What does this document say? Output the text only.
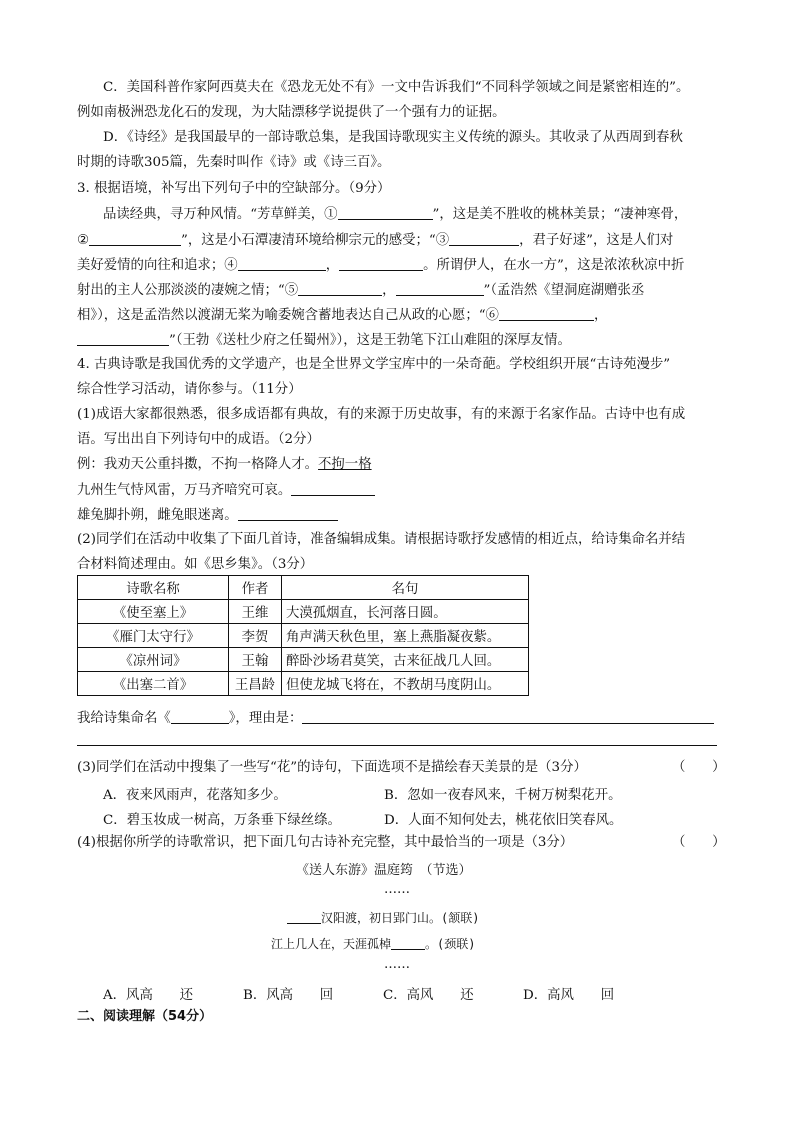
C．美国科普作家阿西莫夫在《恐龙无处不有》一文中告诉我们“不同科学领域之间是紧密相连的”。
例如南极洲恐龙化石的发现，为大陆漂移学说提供了一个强有力的证据。
D．《诗经》是我国最早的一部诗歌总集，是我国诗歌现实主义传统的源头。其收录了从西周到春秋
时期的诗歌305篇，先秦时叫作《诗》或《诗三百》。
3. 根据语境，补写出下列句子中的空缺部分。（9分）
品读经典，寻万种风情。“芳草鲜美，①	”，这是美不胜收的桃林美景；“凄神寒骨，
②	”，这是小石潭凄清环境给柳宗元的感受；“③	，君子好逑”，这是人们对
美好爱情的向往和追求；④	，	。所谓伊人，在水一方”，这是浓浓秋凉中折
射出的主人公那淡淡的凄婉之情；“⑤	，	”（孟浩然《望洞庭湖赠张丞
相》），这是孟浩然以渡湖无桨为喻委婉含蓄地表达自己从政的心愿；“⑥	，
”（王勃《送杜少府之任蜀州》），这是王勃笔下江山难阻的深厚友情。
4. 古典诗歌是我国优秀的文学遗产，也是全世界文学宝库中的一朵奇葩。学校组织开展“古诗苑漫步”
综合性学习活动，请你参与。（11分）
(1)成语大家都很熟悉，很多成语都有典故，有的来源于历史故事，有的来源于名家作品。古诗中也有成
语。写出出自下列诗句中的成语。（2分）
例：我劝天公重抖擞，不拘一格降人才。不拘一格
九州生气恃风雷，万马齐喑究可哀。
雄兔脚扑朔，雌兔眼迷离。
(2)同学们在活动中收集了下面几首诗，准备编辑成集。请根据诗歌抒发感情的相近点，给诗集命名并结
合材料简述理由。如《思乡集》。（3分）
诗歌名称	作者	名句
《使至塞上》	王维	大漠孤烟直，长河落日圆。
《雁门太守行》	李贺	角声满天秋色里，塞上燕脂凝夜紫。
《凉州词》	王翰	醉卧沙场君莫笑，古来征战几人回。
《出塞二首》	王昌龄	但使龙城飞将在，不教胡马度阴山。
我给诗集命名《	》，理由是：
(3)同学们在活动中搜集了一些写“花”的诗句，下面选项不是描绘春天美景的是（3分）	（　　）
A．夜来风雨声，花落知多少。	B．忽如一夜春风来，千树万树梨花开。
C．碧玉妆成一树高，万条垂下绿丝绦。	D．人面不知何处去，桃花依旧笑春风。
(4)根据你所学的诗歌常识，把下面几句古诗补充完整，其中最恰当的一项是（3分）	（　　）
《送人东游》温庭筠　（节选）
……
汉阳渡，初日郢门山。(颔联)
江上几人在，天涯孤棹	。(颈联)
……
A．风高　　还	B．风高　　回	C．高风　　还	D．高风　　回
二、阅读理解（54分）
